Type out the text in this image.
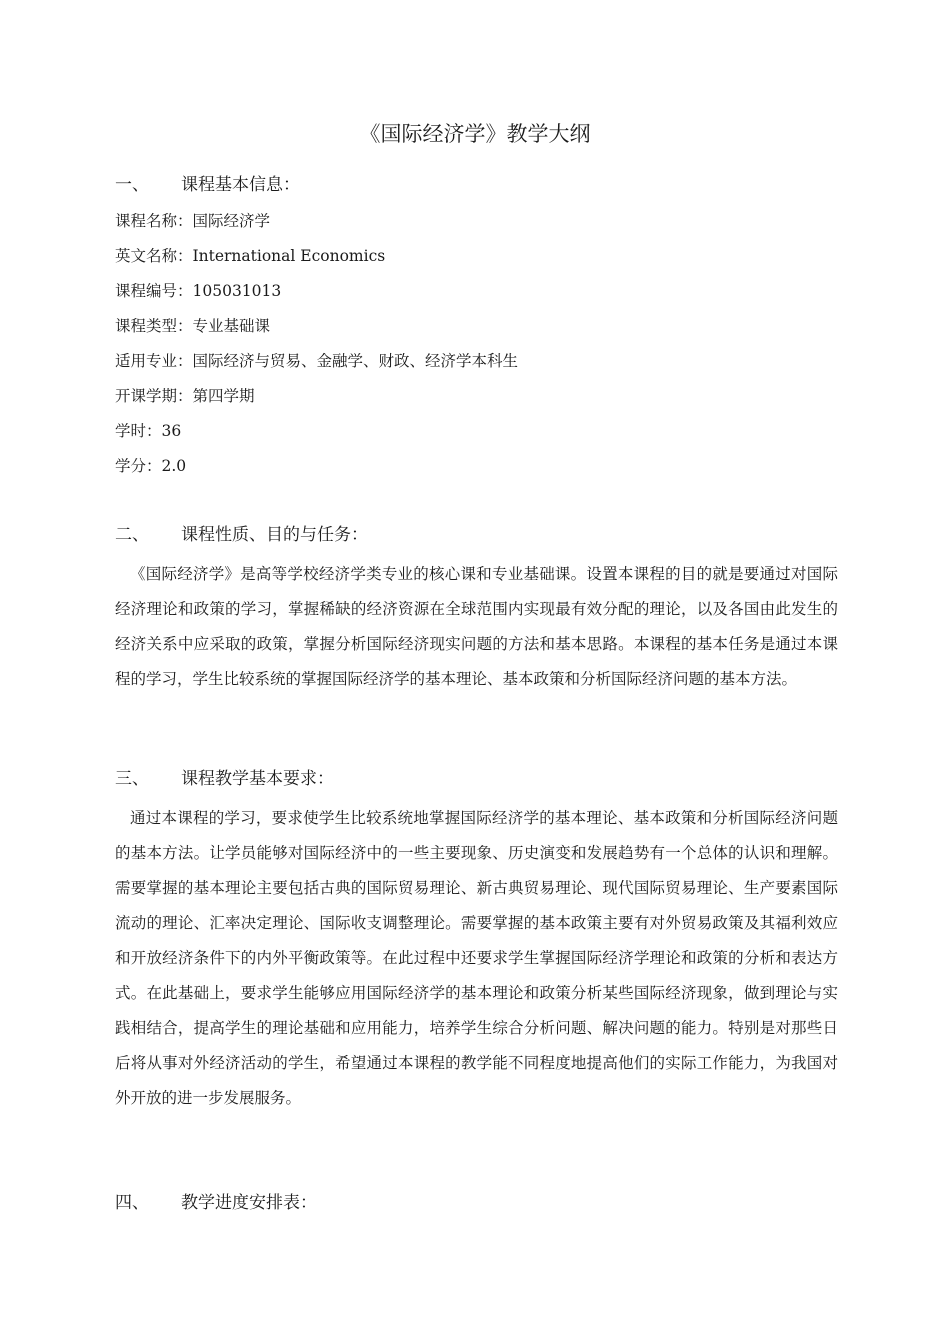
《国际经济学》教学大纲
一、 课程基本信息：
课程名称：国际经济学
英文名称：International Economics
课程编号：105031013
课程类型：专业基础课
适用专业：国际经济与贸易、金融学、财政、经济学本科生
开课学期：第四学期
学时：36
学分：2.0
二、 课程性质、目的与任务：
《国际经济学》是高等学校经济学类专业的核心课和专业基础课。设置本课程的目的就是要通过对国际经济理论和政策的学习，掌握稀缺的经济资源在全球范围内实现最有效分配的理论，以及各国由此发生的经济关系中应采取的政策，掌握分析国际经济现实问题的方法和基本思路。本课程的基本任务是通过本课程的学习，学生比较系统的掌握国际经济学的基本理论、基本政策和分析国际经济问题的基本方法。
三、 课程教学基本要求：
通过本课程的学习，要求使学生比较系统地掌握国际经济学的基本理论、基本政策和分析国际经济问题的基本方法。让学员能够对国际经济中的一些主要现象、历史演变和发展趋势有一个总体的认识和理解。需要掌握的基本理论主要包括古典的国际贸易理论、新古典贸易理论、现代国际贸易理论、生产要素国际流动的理论、汇率决定理论、国际收支调整理论。需要掌握的基本政策主要有对外贸易政策及其福利效应和开放经济条件下的内外平衡政策等。在此过程中还要求学生掌握国际经济学理论和政策的分析和表达方式。在此基础上，要求学生能够应用国际经济学的基本理论和政策分析某些国际经济现象，做到理论与实践相结合，提高学生的理论基础和应用能力，培养学生综合分析问题、解决问题的能力。特别是对那些日后将从事对外经济活动的学生，希望通过本课程的教学能不同程度地提高他们的实际工作能力，为我国对外开放的进一步发展服务。
四、 教学进度安排表：
